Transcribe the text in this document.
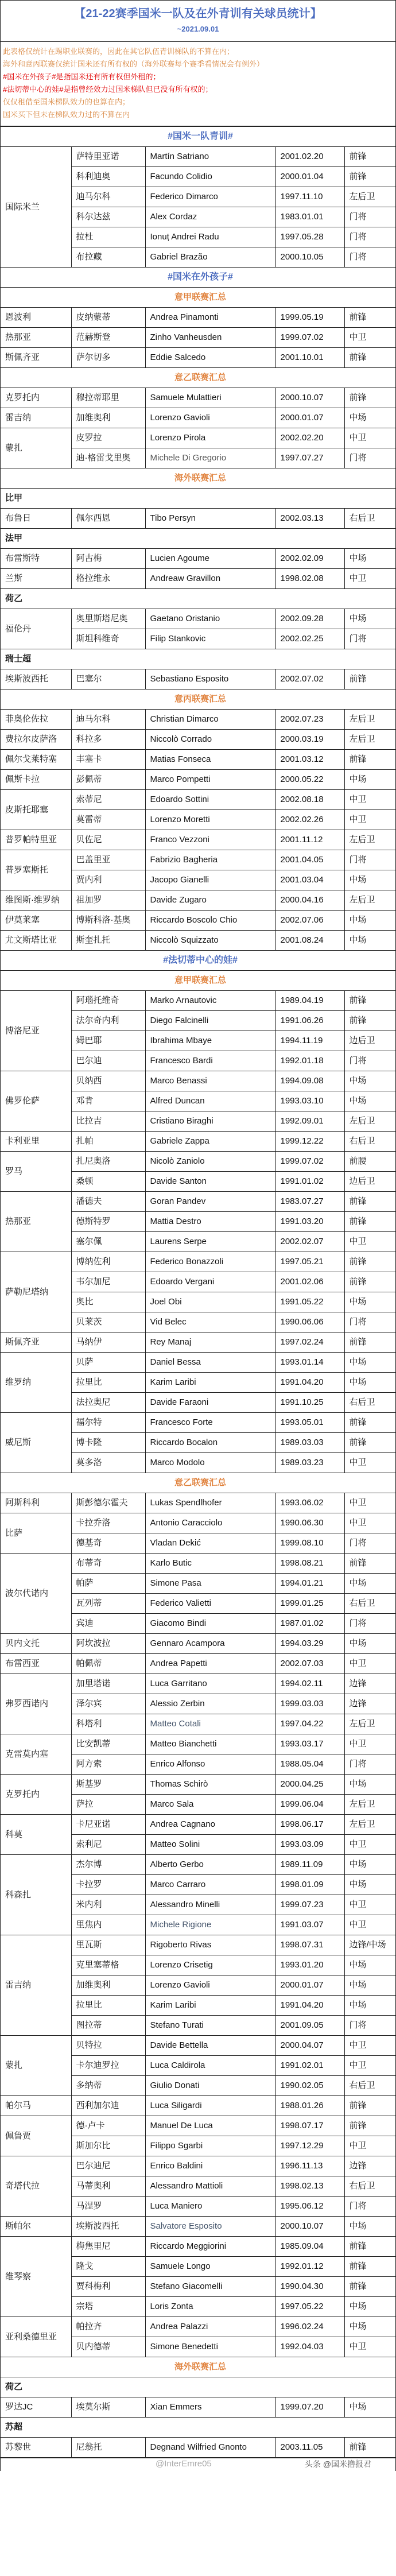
【21-22赛季国米一队及在外青训有关球员统计】
~2021.09.01
此表格仅统计在踢职业联赛的，因此在其它队伍青训梯队的不算在内；
海外和意丙联赛仅统计国米还有所有权的（海外联赛每个赛季看情况会有例外）
#国米在外孩子#是指国米还有所有权但外租的；
#法切蒂中心的娃#是指曾经效力过国米梯队但已没有所有权的；
仅仅租借至国米梯队效力的也算在内；
国米买下但未在梯队效力过的不算在内
#国米一队青训#				
国际米兰	萨特里亚诺	Martín Satriano	2001.02.20	前锋
	科利迪奥	Facundo Colidio	2000.01.04	前锋
	迪马尔科	Federico Dimarco	1997.11.10	左后卫
	科尔达兹	Alex Cordaz	1983.01.01	门将
	拉杜	Ionuț Andrei Radu	1997.05.28	门将
	布拉藏	Gabriel Brazão	2000.10.05	门将
#国米在外孩子#				
意甲联赛汇总				
恩波利	皮纳蒙蒂	Andrea Pinamonti	1999.05.19	前锋
热那亚	范赫斯登	Zinho Vanheusden	1999.07.02	中卫
斯佩齐亚	萨尔切多	Eddie Salcedo	2001.10.01	前锋
意乙联赛汇总				
克罗托内	穆拉蒂耶里	Samuele Mulattieri	2000.10.07	前锋
雷吉纳	加维奥利	Lorenzo Gavioli	2000.01.07	中场
蒙扎	皮罗拉	Lorenzo Pirola	2002.02.20	中卫
	迪·格雷戈里奥	Michele Di Gregorio	1997.07.27	门将
海外联赛汇总				
比甲				
布鲁日	佩尔西恩	Tibo Persyn	2002.03.13	右后卫
法甲				
布雷斯特	阿古梅	Lucien Agoume	2002.02.09	中场
兰斯	格拉维永	Andreaw Gravillon	1998.02.08	中卫
荷乙				
福伦丹	奥里斯塔尼奥	Gaetano Oristanio	2002.09.28	中场
	斯坦科维奇	Filip Stankovic	2002.02.25	门将
瑞士超				
埃斯波西托	巴塞尔	Sebastiano Esposito	2002.07.02	前锋
意丙联赛汇总				
菲奥伦佐拉	迪马尔科	Christian Dimarco	2002.07.23	左后卫
费拉尔皮萨洛	科拉多	Niccolò Corrado	2000.03.19	左后卫
佩尔戈莱特塞	丰塞卡	Matias Fonseca	2001.03.12	前锋
佩斯卡拉	彭佩蒂	Marco Pompetti	2000.05.22	中场
皮斯托耶塞	索蒂尼	Edoardo Sottini	2002.08.18	中卫
	莫雷蒂	Lorenzo Moretti	2002.02.26	中卫
普罗帕特里亚	贝佐尼	Franco Vezzoni	2001.11.12	左后卫
普罗塞斯托	巴盖里亚	Fabrizio Bagheria	2001.04.05	门将
	贾内利	Jacopo Gianelli	2001.03.04	中场
维图斯·维罗纳	祖加罗	Davide Zugaro	2000.04.16	左后卫
伊莫莱塞	博斯科洛·基奥	Riccardo Boscolo Chio	2002.07.06	中场
尤文斯塔比亚	斯奎扎托	Niccolò Squizzato	2001.08.24	中场
#法切蒂中心的娃#				
意甲联赛汇总				
博洛尼亚	阿瑙托维奇	Marko Arnautovic	1989.04.19	前锋
	法尔奇内利	Diego Falcinelli	1991.06.26	前锋
	姆巴耶	Ibrahima Mbaye	1994.11.19	边后卫
	巴尔迪	Francesco Bardi	1992.01.18	门将
佛罗伦萨	贝纳西	Marco Benassi	1994.09.08	中场
	邓肯	Alfred Duncan	1993.03.10	中场
	比拉吉	Cristiano Biraghi	1992.09.01	左后卫
卡利亚里	扎帕	Gabriele Zappa	1999.12.22	右后卫
罗马	扎尼奥洛	Nicolò Zaniolo	1999.07.02	前腰
	桑顿	Davide Santon	1991.01.02	边后卫
热那亚	潘德夫	Goran Pandev	1983.07.27	前锋
	德斯特罗	Mattia Destro	1991.03.20	前锋
	塞尔佩	Laurens Serpe	2002.02.07	中卫
萨勒尼塔纳	博纳佐利	Federico Bonazzoli	1997.05.21	前锋
	韦尔加尼	Edoardo Vergani	2001.02.06	前锋
	奥比	Joel Obi	1991.05.22	中场
	贝莱茨	Vid Belec	1990.06.06	门将
斯佩齐亚	马纳伊	Rey Manaj	1997.02.24	前锋
维罗纳	贝萨	Daniel Bessa	1993.01.14	中场
	拉里比	Karim Laribi	1991.04.20	中场
	法拉奥尼	Davide Faraoni	1991.10.25	右后卫
威尼斯	福尔特	Francesco Forte	1993.05.01	前锋
	博卡隆	Riccardo Bocalon	1989.03.03	前锋
	莫多洛	Marco Modolo	1989.03.23	中卫
意乙联赛汇总				
阿斯科利	斯彭德尔霍夫	Lukas Spendlhofer	1993.06.02	中卫
比萨	卡拉乔洛	Antonio Caracciolo	1990.06.30	中卫
	德基奇	Vladan Dekić	1999.08.10	门将
波尔代诺内	布蒂奇	Karlo Butic	1998.08.21	前锋
	帕萨	Simone Pasa	1994.01.21	中场
	瓦列蒂	Federico Valietti	1999.01.25	右后卫
	宾迪	Giacomo Bindi	1987.01.02	门将
贝内文托	阿坎波拉	Gennaro Acampora	1994.03.29	中场
布雷西亚	帕佩蒂	Andrea Papetti	2002.07.03	中卫
弗罗西诺内	加里塔诺	Luca Garritano	1994.02.11	边锋
	泽尔宾	Alessio Zerbin	1999.03.03	边锋
	科塔利	Matteo Cotali	1997.04.22	左后卫
克雷莫内塞	比安凯蒂	Matteo Bianchetti	1993.03.17	中卫
	阿方索	Enrico Alfonso	1988.05.04	门将
克罗托内	斯基罗	Thomas Schirò	2000.04.25	中场
	萨拉	Marco Sala	1999.06.04	左后卫
科莫	卡尼亚诺	Andrea Cagnano	1998.06.17	左后卫
	索利尼	Matteo Solini	1993.03.09	中卫
科森扎	杰尔博	Alberto Gerbo	1989.11.09	中场
	卡拉罗	Marco Carraro	1998.01.09	中场
	米内利	Alessandro Minelli	1999.07.23	中卫
	里焦内	Michele Rigione	1991.03.07	中卫
雷吉纳	里瓦斯	Rigoberto Rivas	1998.07.31	边锋/中场
	克里塞蒂格	Lorenzo Crisetig	1993.01.20	中场
	加维奥利	Lorenzo Gavioli	2000.01.07	中场
	拉里比	Karim Laribi	1991.04.20	中场
	图拉蒂	Stefano Turati	2001.09.05	门将
蒙扎	贝特拉	Davide Bettella	2000.04.07	中卫
	卡尔迪罗拉	Luca Caldirola	1991.02.01	中卫
	多纳蒂	Giulio Donati	1990.02.05	右后卫
帕尔马	西利加尔迪	Luca Siligardi	1988.01.26	前锋
佩鲁贾	德·卢卡	Manuel De Luca	1998.07.17	前锋
	斯加尔比	Filippo Sgarbi	1997.12.29	中卫
奇塔代拉	巴尔迪尼	Enrico Baldini	1996.11.13	边锋
	马蒂奥利	Alessandro Mattioli	1998.02.13	右后卫
	马涅罗	Luca Maniero	1995.06.12	门将
斯帕尔	埃斯波西托	Salvatore Esposito	2000.10.07	中场
维琴察	梅焦里尼	Riccardo Meggiorini	1985.09.04	前锋
	隆戈	Samuele Longo	1992.01.12	前锋
	贾科梅利	Stefano Giacomelli	1990.04.30	前锋
	宗塔	Loris Zonta	1997.05.22	中场
亚利桑德里亚	帕拉齐	Andrea Palazzi	1996.02.24	中场
	贝内德蒂	Simone Benedetti	1992.04.03	中卫
海外联赛汇总				
荷乙				
罗达JC	埃莫尔斯	Xian Emmers	1999.07.20	中场
苏超				
苏黎世	尼翁托	Degnand Wilfried Gnonto	2003.11.05	前锋
@InterEmre05	头条 @国米撸报君
